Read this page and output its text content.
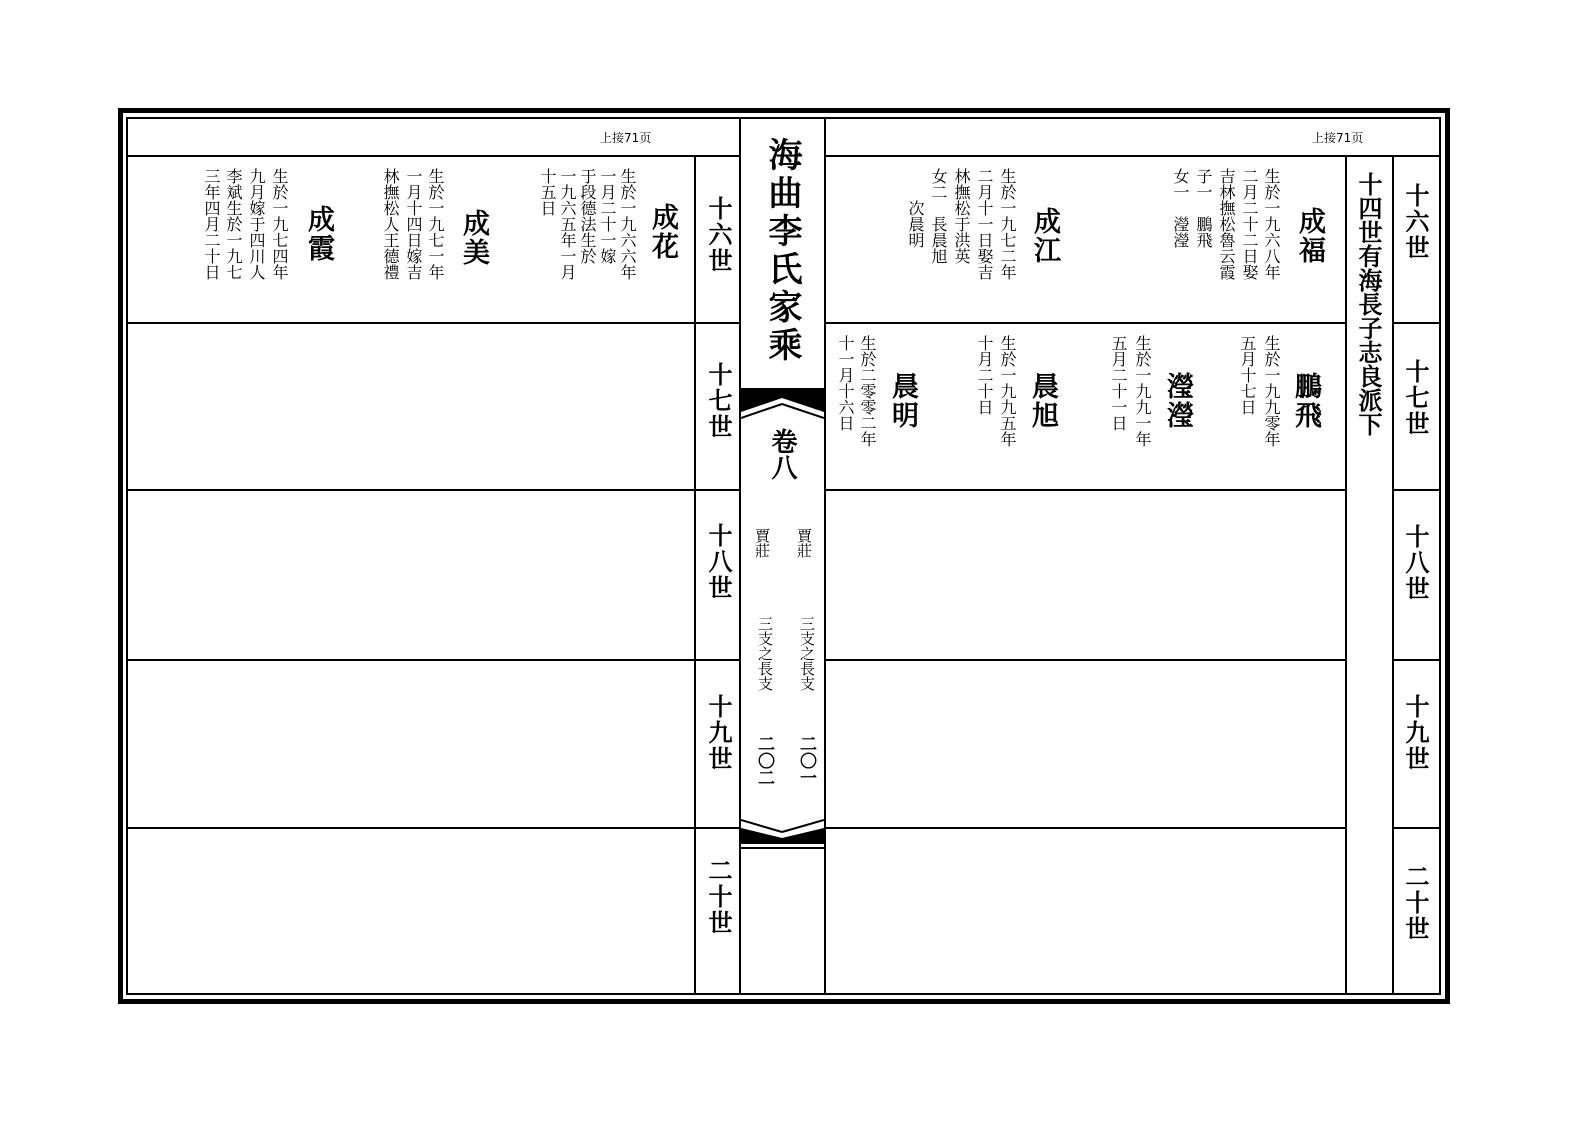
上接71页	上接71页
十六世
十七世
十八世
十九世
二十世
成花
生於一九六六年
一月二十一嫁
于段德法生於
一九六五年一月
十五日
成美
生於一九七一年
一月十四日嫁吉
林撫松人王德禮
成霞
生於一九七四年
九月嫁于四川人
李斌生於一九七
三年四月二十日	海曲李氏家乘
卷八
賈莊
賈莊
三支之長支
三支之長支
二〇一
二〇二
十四世有海長子志良派下 十六世
十七世
十八世
十九世
二十世
成福
生於一九六八年
二月二十二日娶
吉林撫松魯云霞
子一　鵬飛
女一　瀅瀅
成江
生於一九七二年
二月十一日娶吉
林撫松于洪英
女二　長晨旭
　　次晨明
鵬飛
生於一九九零年
五月十七日
瀅瀅
生於一九九一年
五月二十一日
晨旭
生於一九九五年
十月二十日
晨明
生於二零零二年
十一月十六日
